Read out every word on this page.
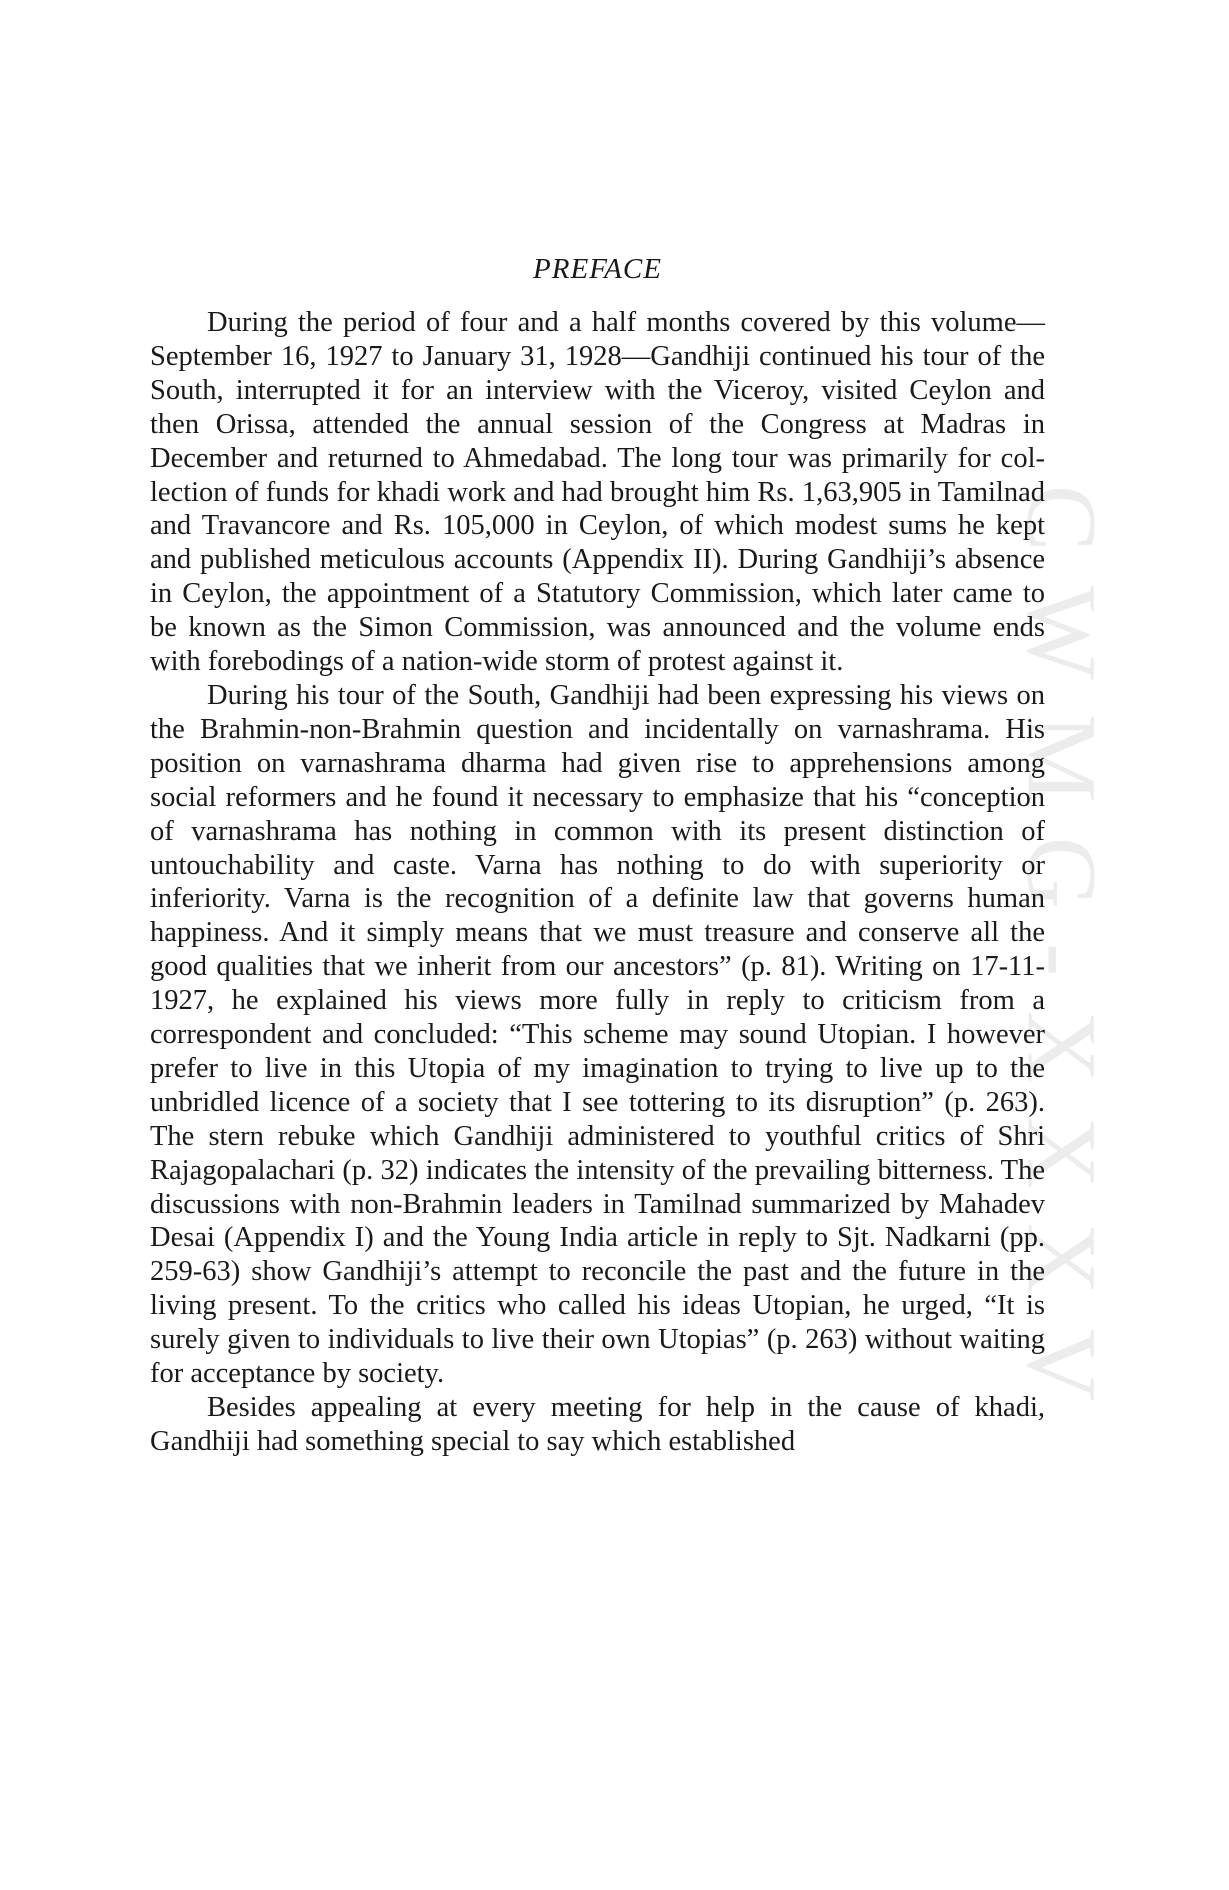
CWMG-XXXV
PREFACE

During the period of four and a half months covered by this volume—September 16, 1927 to January 31, 1928—Gandhiji continued his tour of the South, interrupted it for an interview with the Viceroy, visited Ceylon and then Orissa, attended the annual session of the Congress at Madras in December and returned to Ahmedabad. The long tour was primarily for collection of funds for khadi work and had brought him Rs. 1,63,905 in Tamilnad and Travancore and Rs. 105,000 in Ceylon, of which modest sums he kept and published meticulous accounts (Appendix II). During Gandhiji’s absence in Ceylon, the appointment of a Statutory Commission, which later came to be known as the Simon Commission, was announced and the volume ends with forebodings of a nation-wide storm of protest against it.

During his tour of the South, Gandhiji had been expressing his views on the Brahmin-non-Brahmin question and incidentally on varnashrama. His position on varnashrama dharma had given rise to apprehensions among social reformers and he found it necessary to emphasize that his “conception of varnashrama has nothing in common with its present distinction of untouchability and caste. Varna has nothing to do with superiority or inferiority. Varna is the recognition of a definite law that governs human happiness. And it simply means that we must treasure and conserve all the good qualities that we inherit from our ancestors” (p. 81). Writing on 17-11-1927, he explained his views more fully in reply to criticism from a correspondent and concluded: “This scheme may sound Utopian. I however prefer to live in this Utopia of my imagination to trying to live up to the unbridled licence of a society that I see tottering to its disruption” (p. 263). The stern rebuke which Gandhiji administered to youthful critics of Shri Rajagopalachari (p. 32) indicates the intensity of the prevailing bitterness. The discussions with non-Brahmin leaders in Tamilnad summarized by Mahadev Desai (Appendix I) and the Young India article in reply to Sjt. Nadkarni (pp. 259-63) show Gandhiji’s attempt to reconcile the past and the future in the living present. To the critics who called his ideas Utopian, he urged, “It is surely given to individuals to live their own Utopias” (p. 263) without waiting for acceptance by society.

Besides appealing at every meeting for help in the cause of khadi, Gandhiji had something special to say which established
